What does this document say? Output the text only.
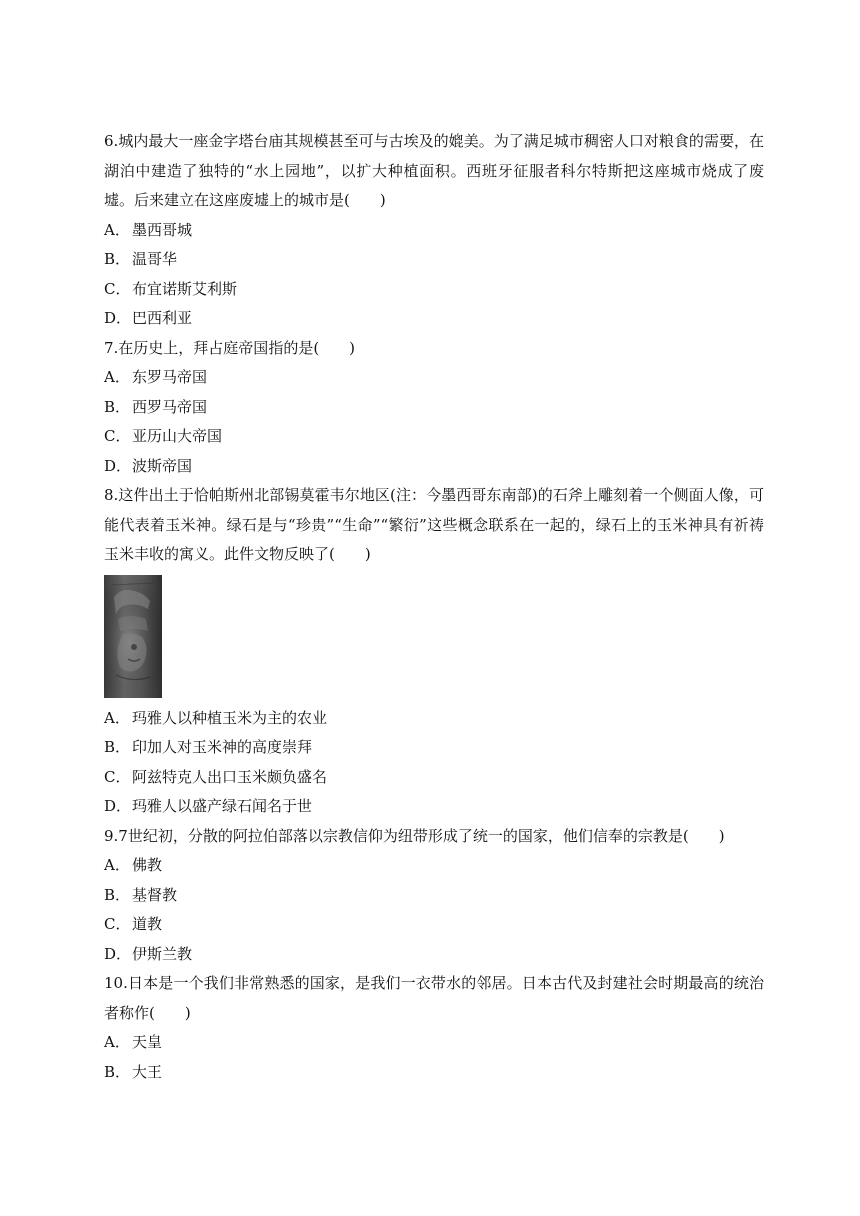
6.城内最大一座金字塔台庙其规模甚至可与古埃及的媲美。为了满足城市稠密人口对粮食的需要，在湖泊中建造了独特的“水上园地”，以扩大种植面积。西班牙征服者科尔特斯把这座城市烧成了废墟。后来建立在这座废墟上的城市是(　　)

A． 墨西哥城

B． 温哥华

C． 布宜诺斯艾利斯

D．巴西利亚

7.在历史上，拜占庭帝国指的是(　　)

A． 东罗马帝国

B． 西罗马帝国

C． 亚历山大帝国

D．波斯帝国

8.这件出土于恰帕斯州北部锡莫霍韦尔地区(注：今墨西哥东南部)的石斧上雕刻着一个侧面人像，可能代表着玉米神。绿石是与“珍贵”“生命”“繁衍”这些概念联系在一起的，绿石上的玉米神具有祈祷玉米丰收的寓义。此件文物反映了(　　)

A． 玛雅人以种植玉米为主的农业

B． 印加人对玉米神的高度崇拜

C． 阿兹特克人出口玉米颇负盛名

D．玛雅人以盛产绿石闻名于世

9.7世纪初，分散的阿拉伯部落以宗教信仰为纽带形成了统一的国家，他们信奉的宗教是(　　)

A． 佛教

B． 基督教

C． 道教

D．伊斯兰教

10.日本是一个我们非常熟悉的国家，是我们一衣带水的邻居。日本古代及封建社会时期最高的统治者称作(　　)

A． 天皇

B． 大王
